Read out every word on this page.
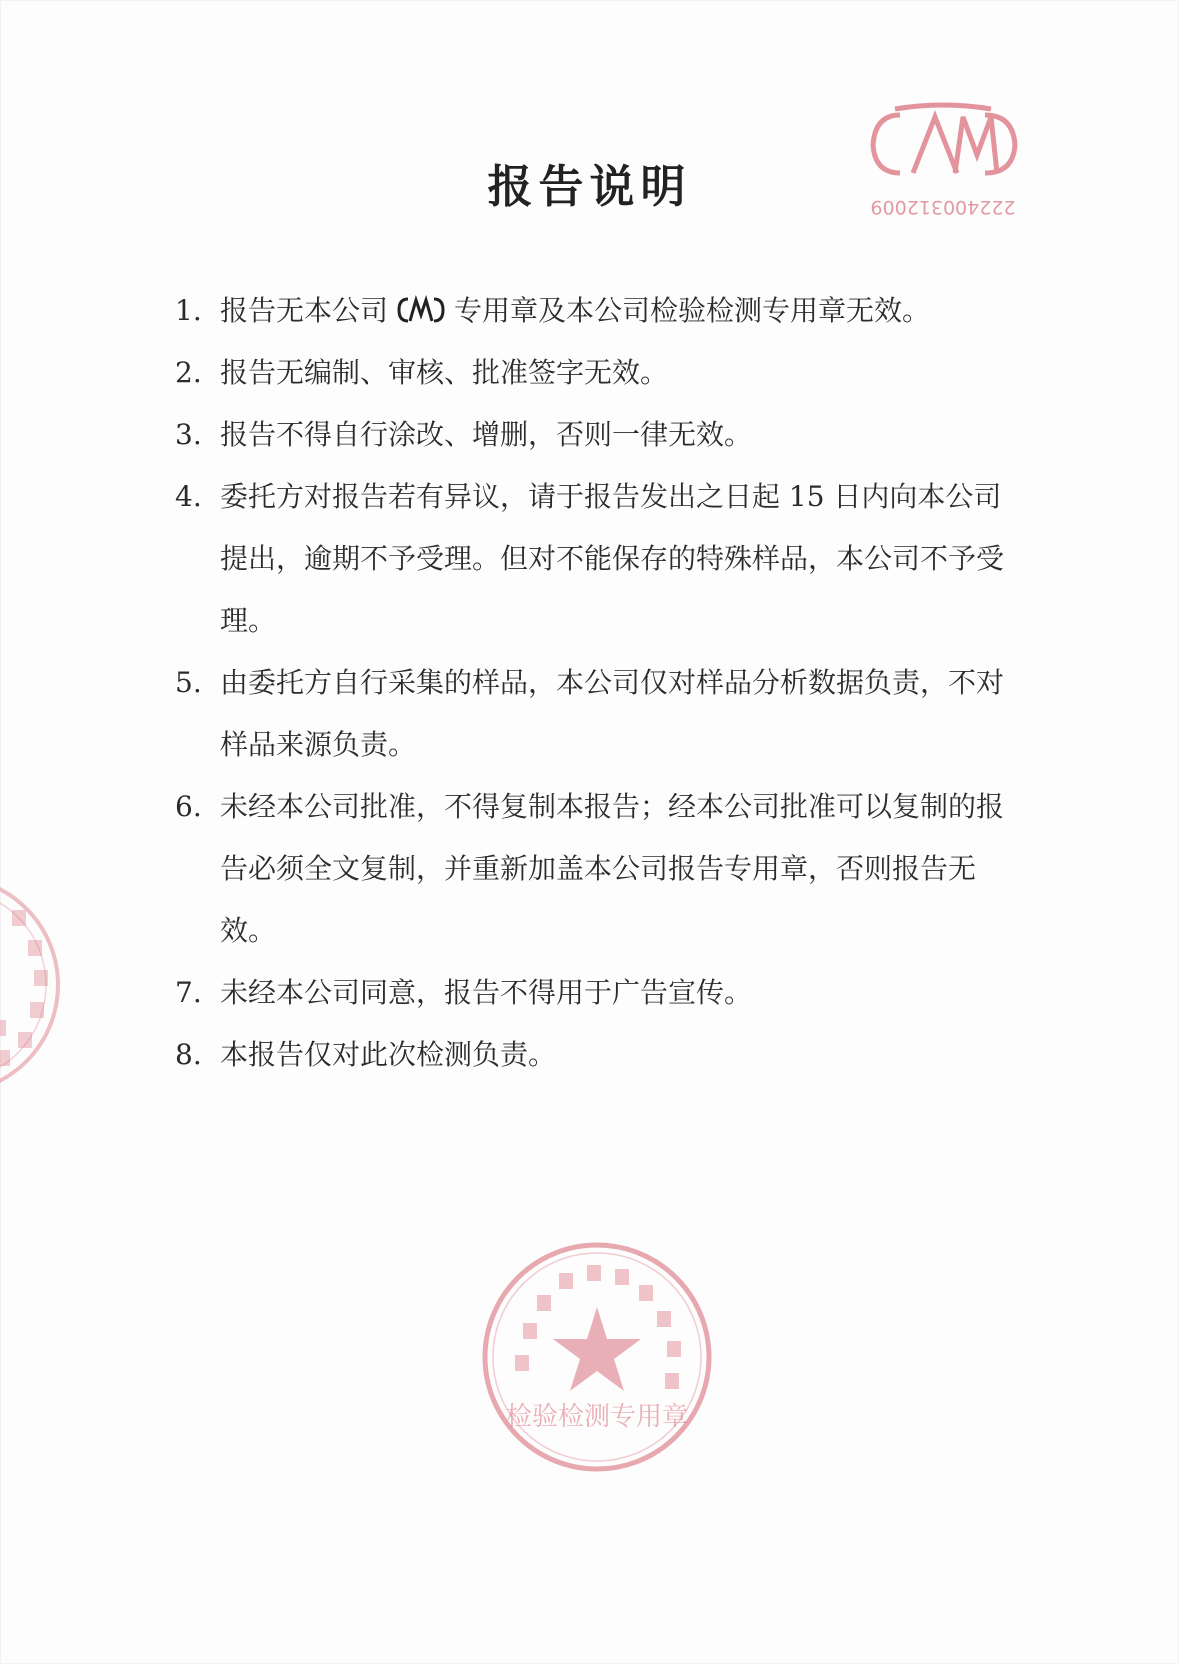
222400312009
检验检测专用章
报告说明
1. 报告无本公司 专用章及本公司检验检测专用章无效。
2. 报告无编制、审核、批准签字无效。
3. 报告不得自行涂改、增删，否则一律无效。
4. 委托方对报告若有异议，请于报告发出之日起 15 日内向本公司提出，逾期不予受理。但对不能保存的特殊样品，本公司不予受理。
5. 由委托方自行采集的样品，本公司仅对样品分析数据负责，不对样品来源负责。
6. 未经本公司批准，不得复制本报告；经本公司批准可以复制的报告必须全文复制，并重新加盖本公司报告专用章，否则报告无效。
7. 未经本公司同意，报告不得用于广告宣传。
8. 本报告仅对此次检测负责。
